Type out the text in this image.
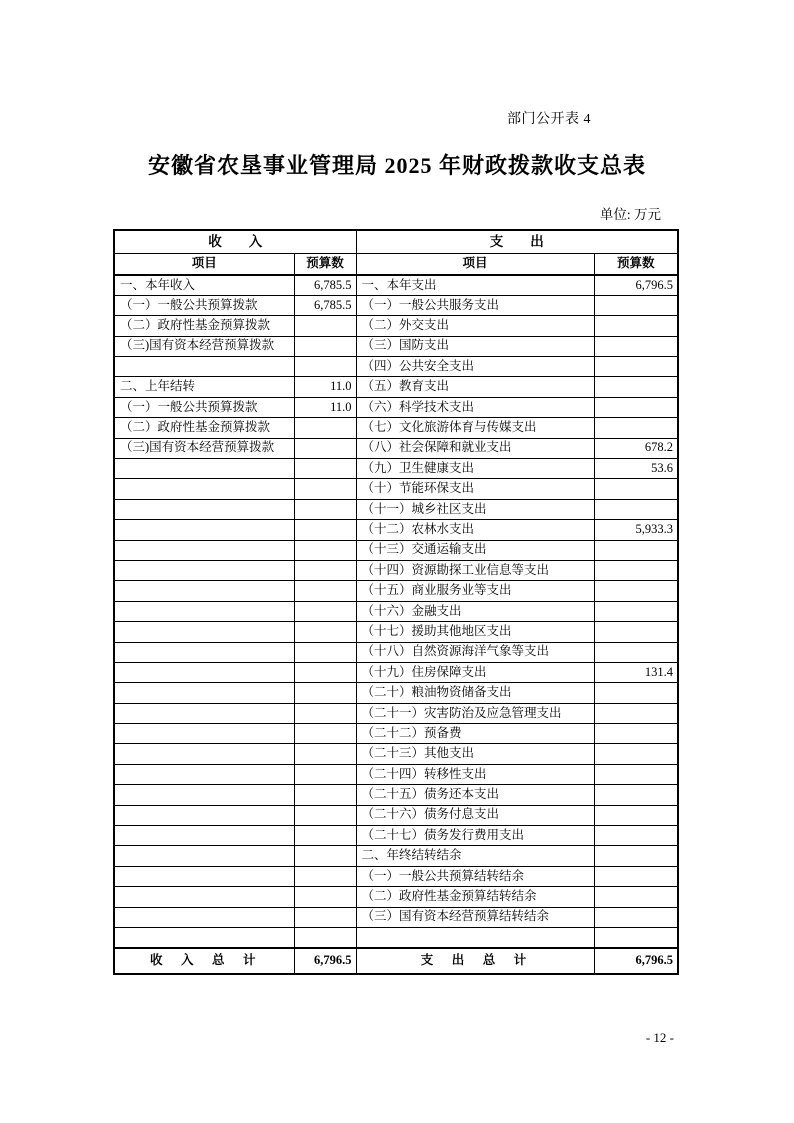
部门公开表 4
安徽省农垦事业管理局 2025 年财政拨款收支总表
单位: 万元
收　　入		支　　出	
项目	预算数	项目	预算数
一、本年收入	6,785.5	一、本年支出	6,796.5
（一）一般公共预算拨款	6,785.5	（一）一般公共服务支出	
（二）政府性基金预算拨款		（二）外交支出	
（三)国有资本经营预算拨款		（三）国防支出	
		（四）公共安全支出	
二、上年结转	11.0	（五）教育支出	
（一）一般公共预算拨款	11.0	（六）科学技术支出	
（二）政府性基金预算拨款		（七）文化旅游体育与传媒支出	
（三)国有资本经营预算拨款		（八）社会保障和就业支出	678.2
		（九）卫生健康支出	53.6
		（十）节能环保支出	
		（十一）城乡社区支出	
		（十二）农林水支出	5,933.3
		（十三）交通运输支出	
		（十四）资源勘探工业信息等支出	
		（十五）商业服务业等支出	
		（十六）金融支出	
		（十七）援助其他地区支出	
		（十八）自然资源海洋气象等支出	
		（十九）住房保障支出	131.4
		（二十）粮油物资储备支出	
		（二十一）灾害防治及应急管理支出	
		（二十二）预备费	
		（二十三）其他支出	
		（二十四）转移性支出	
		（二十五）债务还本支出	
		（二十六）债务付息支出	
		（二十七）债务发行费用支出	
		二、年终结转结余	
		（一）一般公共预算结转结余	
		（二）政府性基金预算结转结余	
		（三）国有资本经营预算结转结余	

收　入　总　计	6,796.5	支　出　总　计	6,796.5
- 12 -
